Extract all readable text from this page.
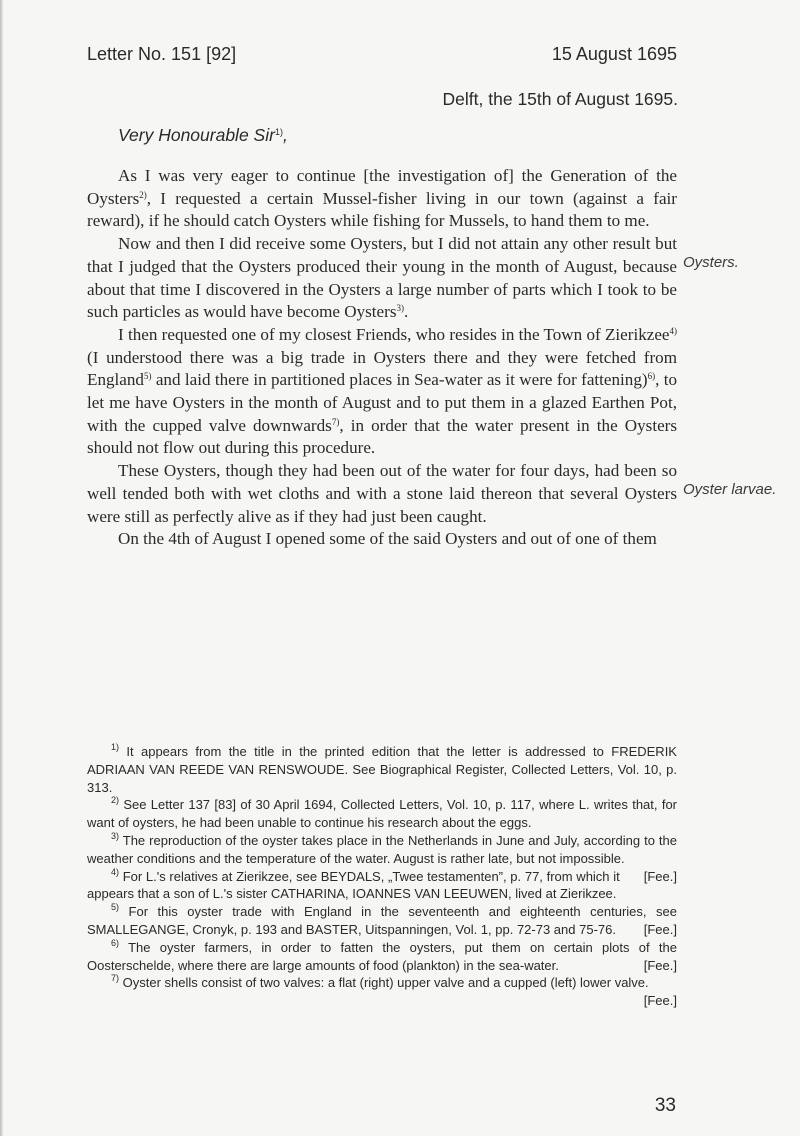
Letter No. 151 [92]	15 August 1695
Delft, the 15th of August 1695.
Very Honourable Sir$^{1)}$,
Oysters.
Oyster larvae.

As I was very eager to continue [the investigation of] the Generation of the Oysters$^{2)}$, I requested a certain Mussel-fisher living in our town (against a fair reward), if he should catch Oysters while fishing for Mussels, to hand them to me.

Now and then I did receive some Oysters, but I did not attain any other result but that I judged that the Oysters produced their young in the month of August, because about that time I discovered in the Oysters a large number of parts which I took to be such particles as would have become Oysters$^{3)}$.

I then requested one of my closest Friends, who resides in the Town of Zierikzee$^{4)}$ (I understood there was a big trade in Oysters there and they were fetched from England$^{5)}$ and laid there in partitioned places in Sea-water as it were for fattening)$^{6)}$, to let me have Oysters in the month of August and to put them in a glazed Earthen Pot, with the cupped valve downwards$^{7)}$, in order that the water present in the Oysters should not flow out during this procedure.

These Oysters, though they had been out of the water for four days, had been so well tended both with wet cloths and with a stone laid thereon that several Oysters were still as perfectly alive as if they had just been caught.

On the 4th of August I opened some of the said Oysters and out of one of them

$^{1)}$ It appears from the title in the printed edition that the letter is addressed to FREDERIK ADRIAAN VAN REEDE VAN RENSWOUDE. See Biographical Register, Collected Letters, Vol. 10, p. 313.

$^{2)}$ See Letter 137 [83] of 30 April 1694, Collected Letters, Vol. 10, p. 117, where L. writes that, for want of oysters, he had been unable to continue his research about the eggs.

$^{3)}$ The reproduction of the oyster takes place in the Netherlands in June and July, according to the weather conditions and the temperature of the water. August is rather late, but not impossible.
[Fee.]

$^{4)}$ For L.'s relatives at Zierikzee, see BEYDALS, „Twee testamenten”, p. 77, from which it appears that a son of L.'s sister CATHARINA, IOANNES VAN LEEUWEN, lived at Zierikzee.

$^{5)}$ For this oyster trade with England in the seventeenth and eighteenth centuries, see SMALLEGANGE, Cronyk, p. 193 and BASTER, Uitspanningen, Vol. 1, pp. 72-73 and 75-76.	[Fee.]

$^{6)}$ The oyster farmers, in order to fatten the oysters, put them on certain plots of the Oosterschelde, where there are large amounts of food (plankton) in the sea-water.	[Fee.]

$^{7)}$ Oyster shells consist of two valves: a flat (right) upper valve and a cupped (left) lower valve.
[Fee.]

33
